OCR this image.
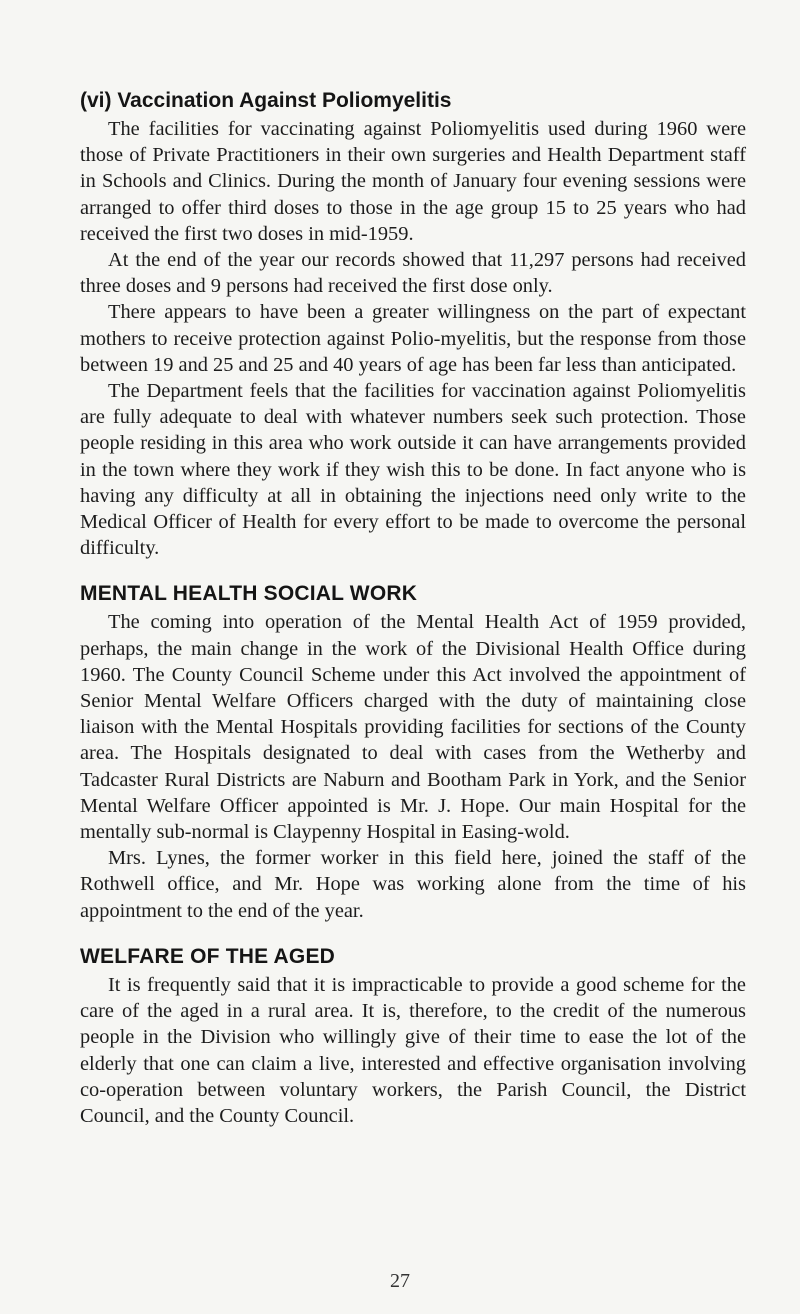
(vi) Vaccination Against Poliomyelitis

The facilities for vaccinating against Poliomyelitis used during 1960 were those of Private Practitioners in their own surgeries and Health Department staff in Schools and Clinics. During the month of January four evening sessions were arranged to offer third doses to those in the age group 15 to 25 years who had received the first two doses in mid-1959.

At the end of the year our records showed that 11,297 persons had received three doses and 9 persons had received the first dose only.

There appears to have been a greater willingness on the part of expectant mothers to receive protection against Polio-myelitis, but the response from those between 19 and 25 and 25 and 40 years of age has been far less than anticipated.

The Department feels that the facilities for vaccination against Poliomyelitis are fully adequate to deal with whatever numbers seek such protection. Those people residing in this area who work outside it can have arrangements provided in the town where they work if they wish this to be done. In fact anyone who is having any difficulty at all in obtaining the injections need only write to the Medical Officer of Health for every effort to be made to overcome the personal difficulty.

MENTAL HEALTH SOCIAL WORK

The coming into operation of the Mental Health Act of 1959 provided, perhaps, the main change in the work of the Divisional Health Office during 1960. The County Council Scheme under this Act involved the appointment of Senior Mental Welfare Officers charged with the duty of maintaining close liaison with the Mental Hospitals providing facilities for sections of the County area. The Hospitals designated to deal with cases from the Wetherby and Tadcaster Rural Districts are Naburn and Bootham Park in York, and the Senior Mental Welfare Officer appointed is Mr. J. Hope. Our main Hospital for the mentally sub-normal is Claypenny Hospital in Easing-wold.

Mrs. Lynes, the former worker in this field here, joined the staff of the Rothwell office, and Mr. Hope was working alone from the time of his appointment to the end of the year.

WELFARE OF THE AGED

It is frequently said that it is impracticable to provide a good scheme for the care of the aged in a rural area. It is, therefore, to the credit of the numerous people in the Division who willingly give of their time to ease the lot of the elderly that one can claim a live, interested and effective organisation involving co-operation between voluntary workers, the Parish Council, the District Council, and the County Council.

27
